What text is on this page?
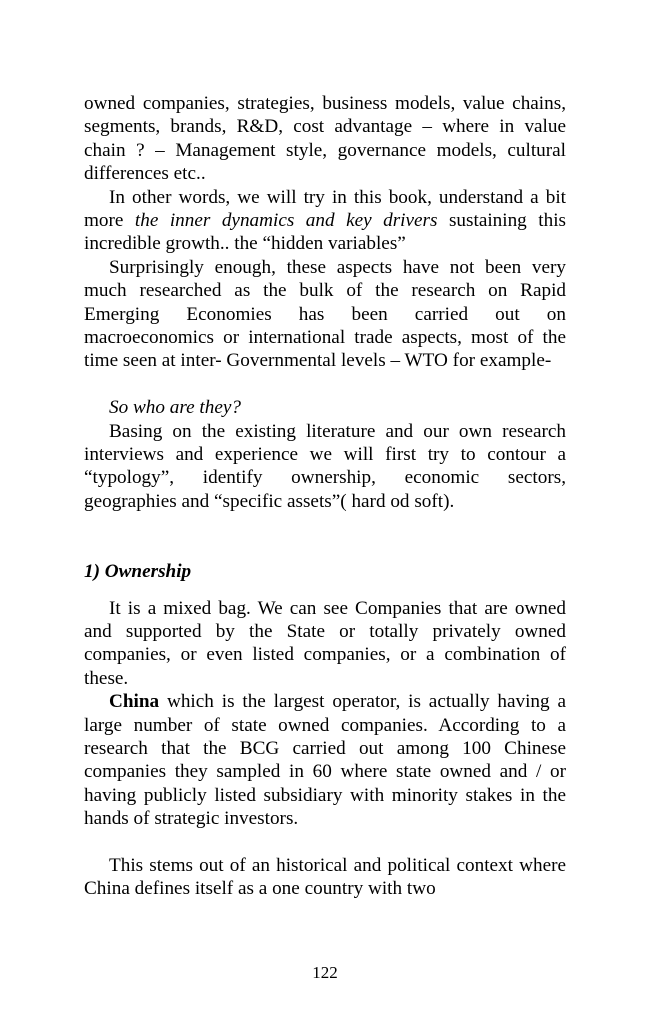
owned companies, strategies, business models, value chains, segments, brands, R&D, cost advantage – where in value chain ? – Management style, governance models, cultural differences etc..

In other words, we will try in this book, understand a bit more the inner dynamics and key drivers sustaining this incredible growth.. the “hidden variables”

Surprisingly enough, these aspects have not been very much researched as the bulk of the research on Rapid Emerging Economies has been carried out on macroeconomics or international trade aspects, most of the time seen at inter- Governmental levels – WTO for example-

So who are they?

Basing on the existing literature and our own research interviews and experience we will first try to contour a “typology”, identify ownership, economic sectors, geographies and “specific assets”( hard od soft).

1) Ownership

It is a mixed bag. We can see Companies that are owned and supported by the State or totally privately owned companies, or even listed companies, or a combination of these.

China which is the largest operator, is actually having a large number of state owned companies. According to a research that the BCG carried out among 100 Chinese companies they sampled in 60 where state owned and / or having publicly listed subsidiary with minority stakes in the hands of strategic investors.

This stems out of an historical and political context where China defines itself as a one country with two

122
